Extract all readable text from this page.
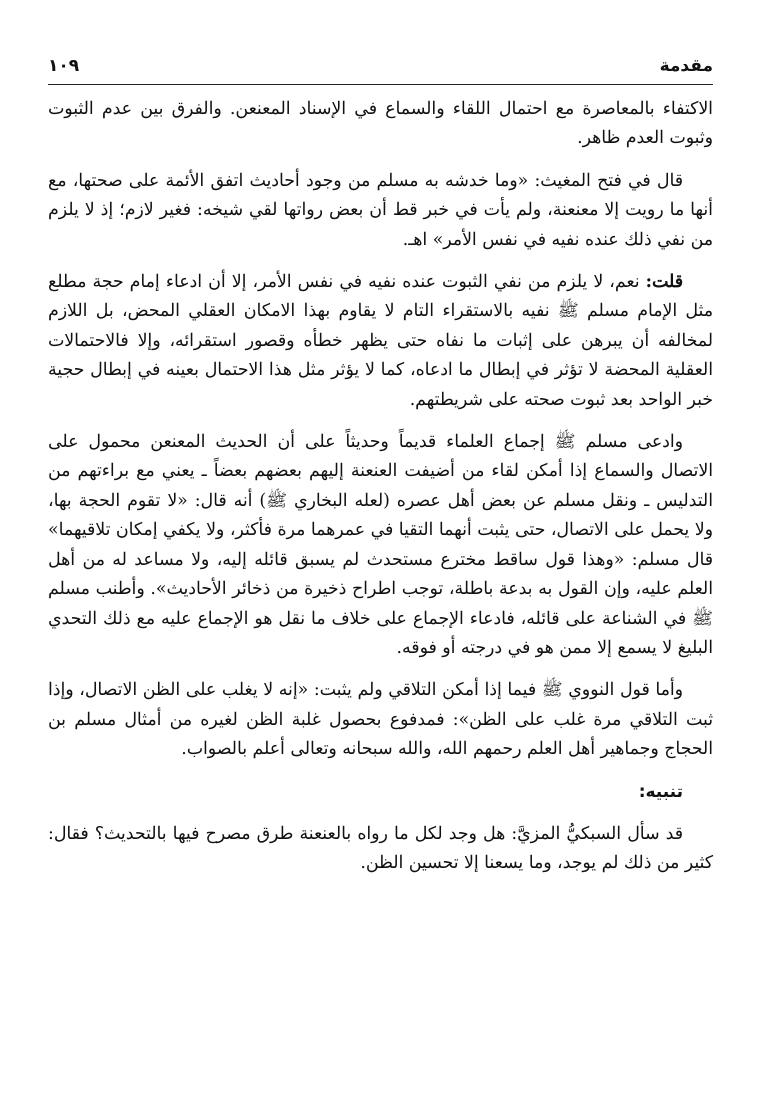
مقدمة
١٠٩

الاكتفاء بالمعاصرة مع احتمال اللقاء والسماع في الإسناد المعنعن. والفرق بين عدم الثبوت وثبوت العدم ظاهر.

قال في فتح المغيث: «وما خدشه به مسلم من وجود أحاديث اتفق الأئمة على صحتها، مع أنها ما رويت إلا معنعنة، ولم يأت في خبر قط أن بعض رواتها لقي شيخه: فغير لازم؛ إذ لا يلزم من نفي ذلك عنده نفيه في نفس الأمر» اهـ.

قلت: نعم، لا يلزم من نفي الثبوت عنده نفيه في نفس الأمر، إلا أن ادعاء إمام حجة مطلع مثل الإمام مسلم ﷺ نفيه بالاستقراء التام لا يقاوم بهذا الامكان العقلي المحض، بل اللازم لمخالفه أن يبرهن على إثبات ما نفاه حتى يظهر خطأه وقصور استقرائه، وإلا فالاحتمالات العقلية المحضة لا تؤثر في إبطال ما ادعاه، كما لا يؤثر مثل هذا الاحتمال بعينه في إبطال حجية خبر الواحد بعد ثبوت صحته على شريطتهم.

وادعى مسلم ﷺ إجماع العلماء قديماً وحديثاً على أن الحديث المعنعن محمول على الاتصال والسماع إذا أمكن لقاء من أضيفت العنعنة إليهم بعضهم بعضاً ـ يعني مع براءتهم من التدليس ـ ونقل مسلم عن بعض أهل عصره (لعله البخاري ﷺ) أنه قال: «لا تقوم الحجة بها، ولا يحمل على الاتصال، حتى يثبت أنهما التقيا في عمرهما مرة فأكثر، ولا يكفي إمكان تلاقيهما» قال مسلم: «وهذا قول ساقط مخترع مستحدث لم يسبق قائله إليه، ولا مساعد له من أهل العلم عليه، وإن القول به بدعة باطلة، توجب اطراح ذخيرة من ذخائر الأحاديث». وأطنب مسلم ﷺ في الشناعة على قائله، فادعاء الإجماع على خلاف ما نقل هو الإجماع عليه مع ذلك التحدي البليغ لا يسمع إلا ممن هو في درجته أو فوقه.

وأما قول النووي ﷺ فيما إذا أمكن التلاقي ولم يثبت: «إنه لا يغلب على الظن الاتصال، وإذا ثبت التلاقي مرة غلب على الظن»: فمدفوع بحصول غلبة الظن لغيره من أمثال مسلم بن الحجاج وجماهير أهل العلم رحمهم الله، والله سبحانه وتعالى أعلم بالصواب.

تنبيه:

قد سأل السبكيُّ المزيَّ: هل وجد لكل ما رواه بالعنعنة طرق مصرح فيها بالتحديث؟ فقال: كثير من ذلك لم يوجد، وما يسعنا إلا تحسين الظن.
